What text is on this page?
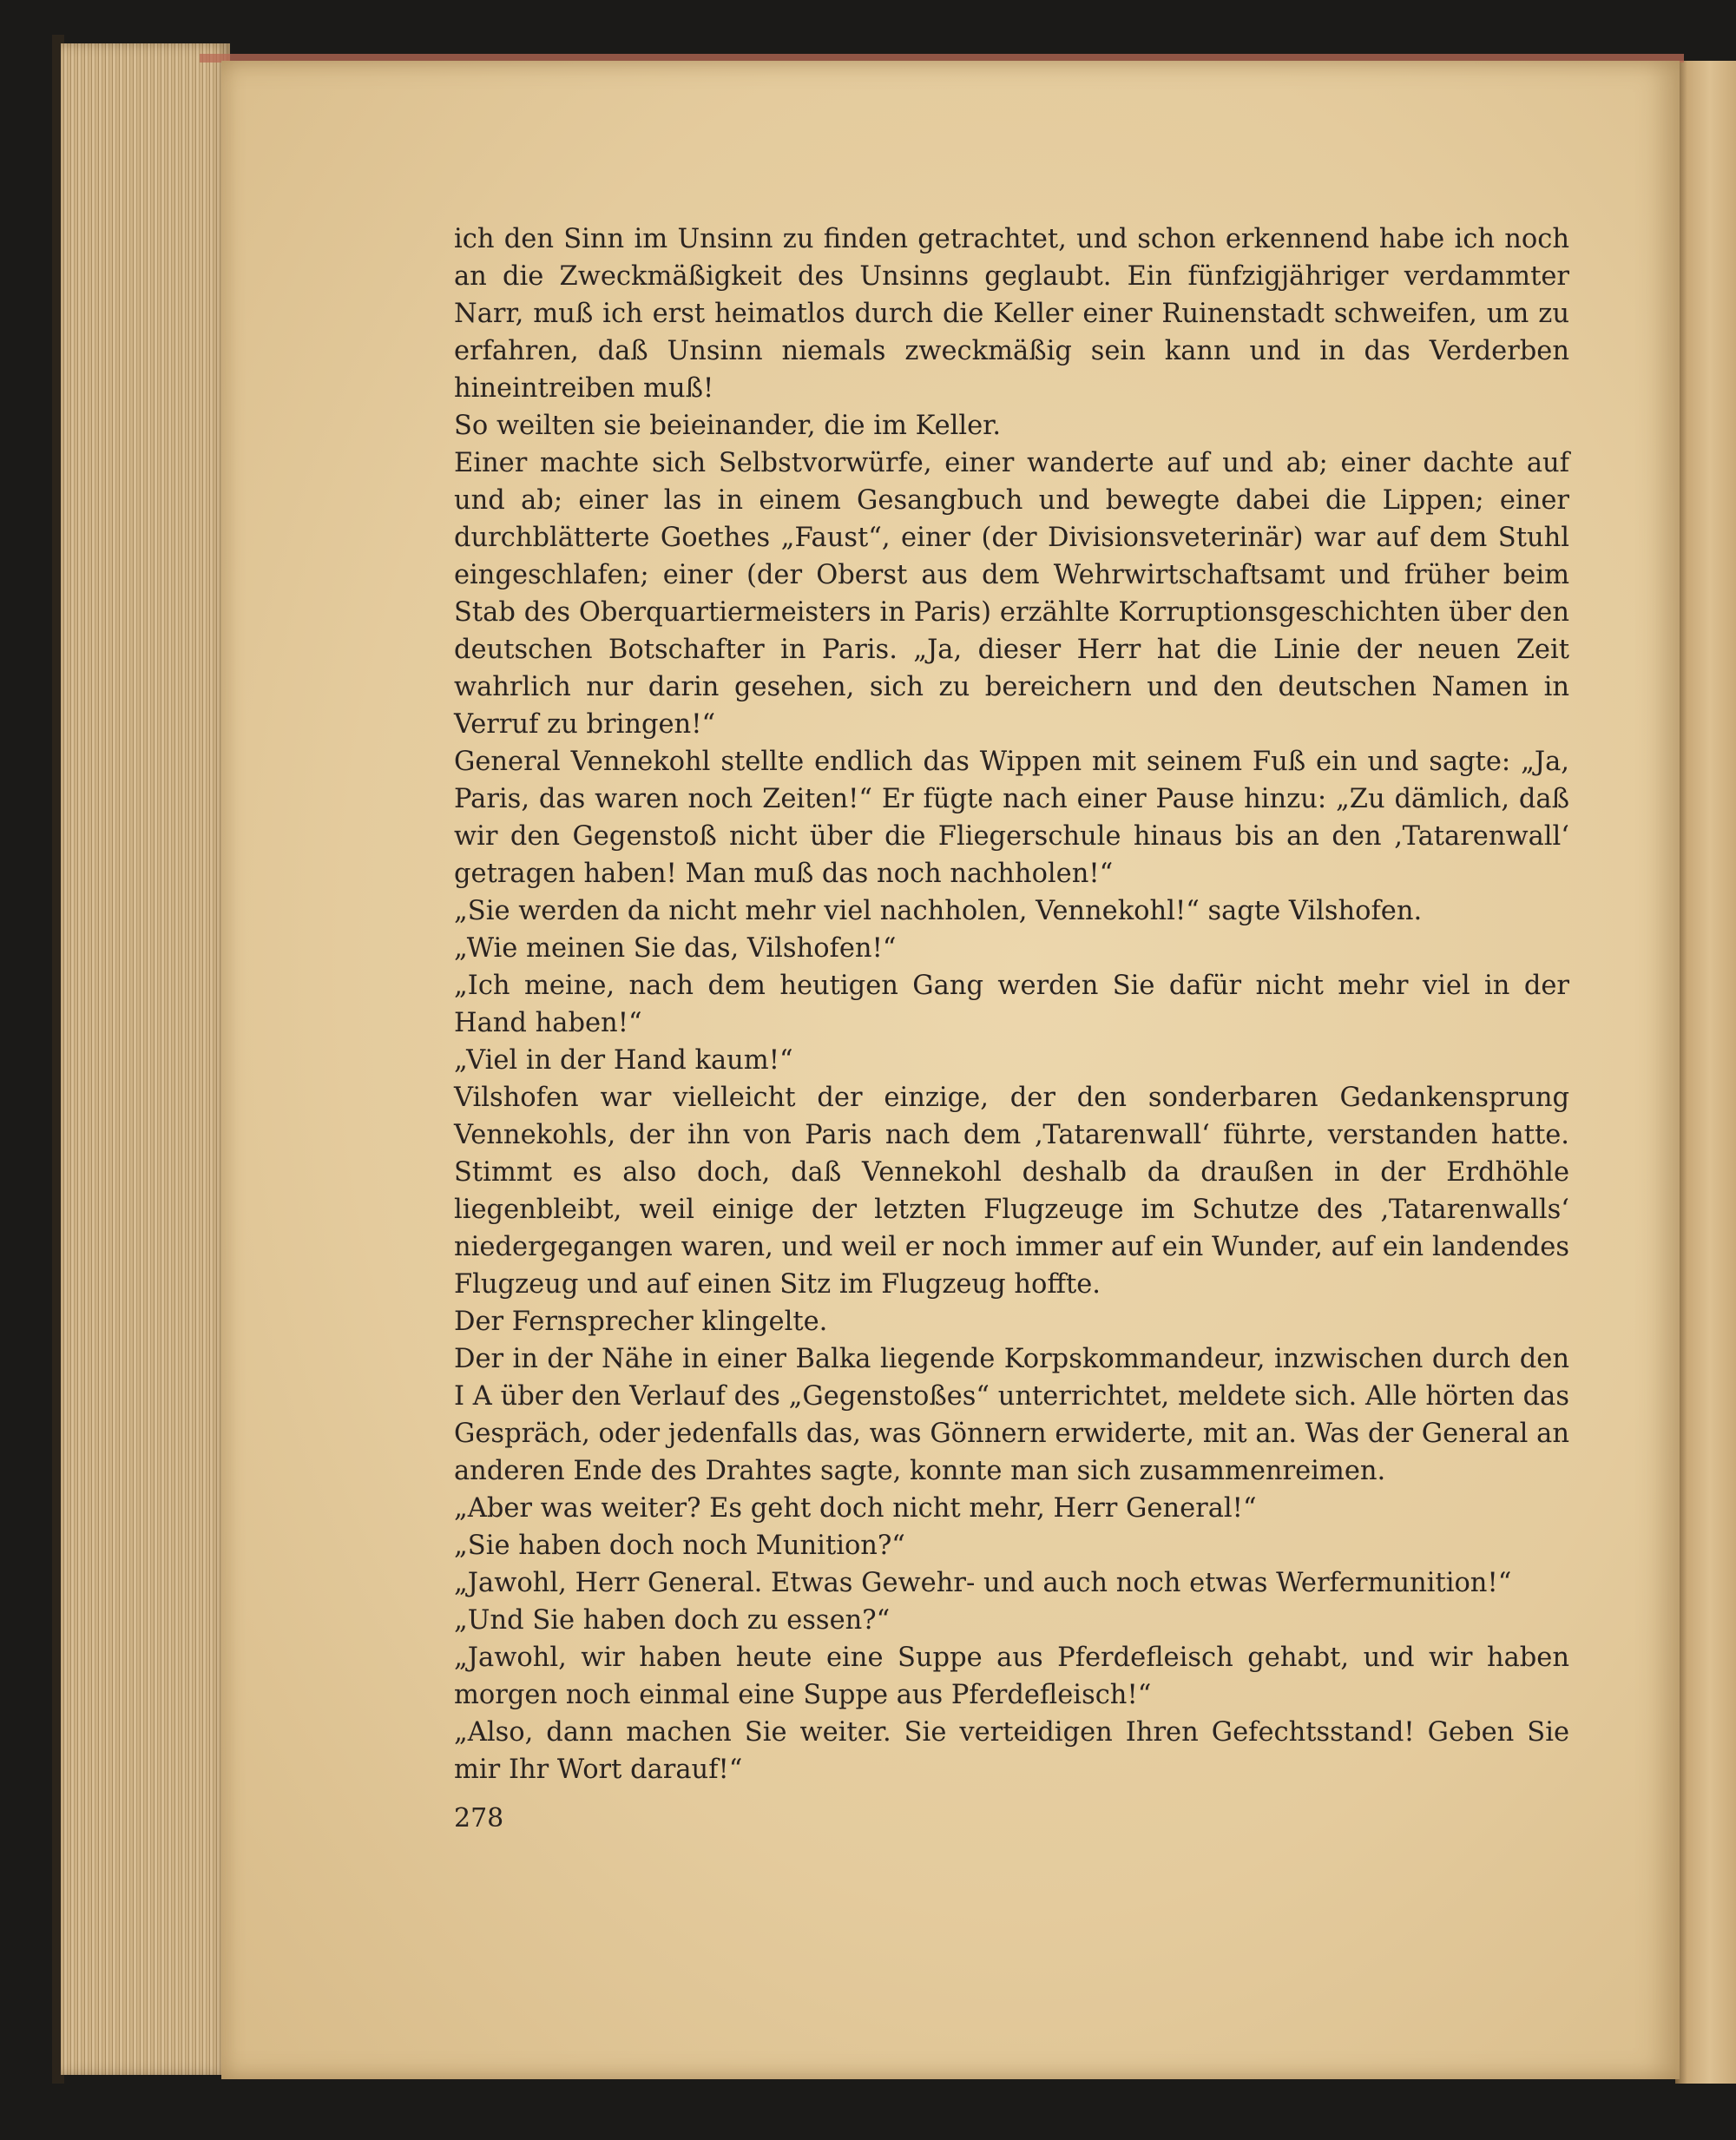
ich den Sinn im Unsinn zu finden getrachtet, und schon erkennend habe ich noch an die Zweckmäßigkeit des Unsinns geglaubt. Ein fünfzigjähriger verdammter Narr, muß ich erst heimatlos durch die Keller einer Ruinenstadt schweifen, um zu erfahren, daß Unsinn niemals zweckmäßig sein kann und in das Verderben hineintreiben muß!

So weilten sie beieinander, die im Keller.

Einer machte sich Selbstvorwürfe, einer wanderte auf und ab; einer dachte auf und ab; einer las in einem Gesangbuch und bewegte dabei die Lippen; einer durchblätterte Goethes „Faust“, einer (der Divisionsveterinär) war auf dem Stuhl eingeschlafen; einer (der Oberst aus dem Wehrwirtschaftsamt und früher beim Stab des Oberquartiermeisters in Paris) erzählte Korruptionsgeschichten über den deutschen Botschafter in Paris. „Ja, dieser Herr hat die Linie der neuen Zeit wahrlich nur darin gesehen, sich zu bereichern und den deutschen Namen in Verruf zu bringen!“

General Vennekohl stellte endlich das Wippen mit seinem Fuß ein und sagte: „Ja, Paris, das waren noch Zeiten!“ Er fügte nach einer Pause hinzu: „Zu dämlich, daß wir den Gegenstoß nicht über die Fliegerschule hinaus bis an den ‚Tatarenwall‘ getragen haben! Man muß das noch nachholen!“

„Sie werden da nicht mehr viel nachholen, Vennekohl!“ sagte Vilshofen.

„Wie meinen Sie das, Vilshofen!“

„Ich meine, nach dem heutigen Gang werden Sie dafür nicht mehr viel in der Hand haben!“

„Viel in der Hand kaum!“

Vilshofen war vielleicht der einzige, der den sonderbaren Gedankensprung Vennekohls, der ihn von Paris nach dem ‚Tatarenwall‘ führte, verstanden hatte. Stimmt es also doch, daß Vennekohl deshalb da draußen in der Erdhöhle liegenbleibt, weil einige der letzten Flugzeuge im Schutze des ‚Tatarenwalls‘ niedergegangen waren, und weil er noch immer auf ein Wunder, auf ein landendes Flugzeug und auf einen Sitz im Flugzeug hoffte.

Der Fernsprecher klingelte.

Der in der Nähe in einer Balka liegende Korpskommandeur, inzwischen durch den I A über den Verlauf des „Gegenstoßes“ unterrichtet, meldete sich. Alle hörten das Gespräch, oder jedenfalls das, was Gönnern erwiderte, mit an. Was der General an anderen Ende des Drahtes sagte, konnte man sich zusammenreimen.

„Aber was weiter? Es geht doch nicht mehr, Herr General!“

„Sie haben doch noch Munition?“

„Jawohl, Herr General. Etwas Gewehr- und auch noch etwas Werfermunition!“

„Und Sie haben doch zu essen?“

„Jawohl, wir haben heute eine Suppe aus Pferdefleisch gehabt, und wir haben morgen noch einmal eine Suppe aus Pferdefleisch!“

„Also, dann machen Sie weiter. Sie verteidigen Ihren Gefechtsstand! Geben Sie mir Ihr Wort darauf!“

278
